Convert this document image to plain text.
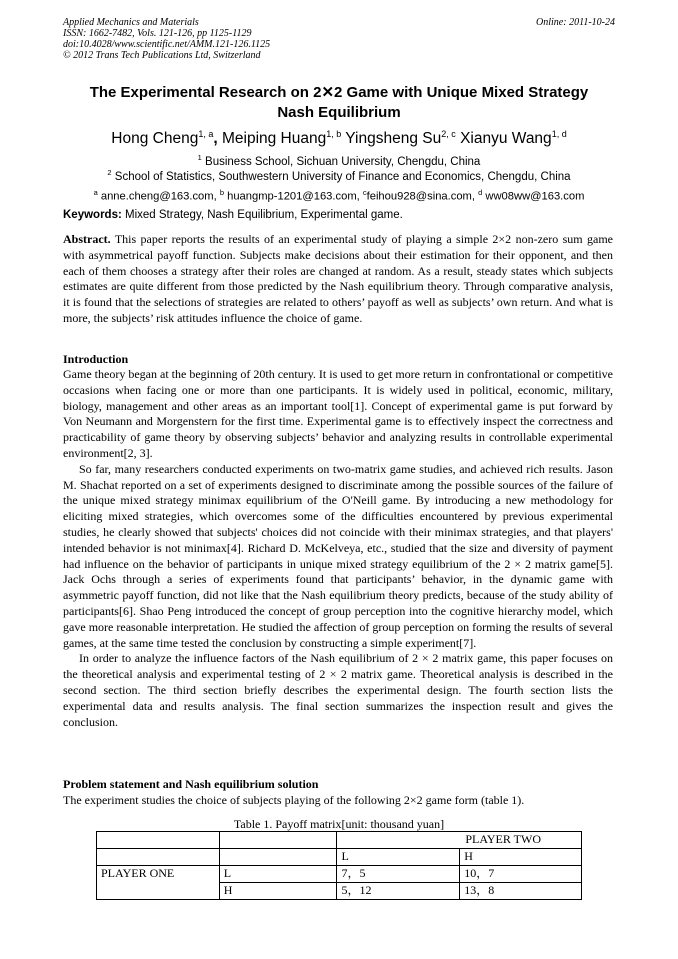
Applied Mechanics and Materials
ISSN: 1662-7482, Vols. 121-126, pp 1125-1129
doi:10.4028/www.scientific.net/AMM.121-126.1125
© 2012 Trans Tech Publications Ltd, Switzerland
Online: 2011-10-24
The Experimental Research on 2✕2 Game with Unique Mixed Strategy
Nash Equilibrium
Hong Cheng$^{1, a}$, Meiping Huang$^{1, b}$ Yingsheng Su$^{2, c}$ Xianyu Wang$^{1, d}$
$^1$ Business School, Sichuan University, Chengdu, China
$^2$ School of Statistics, Southwestern University of Finance and Economics, Chengdu, China
$^a$ anne.cheng@163.com, $^b$ huangmp-1201@163.com, $^c$feihou928@sina.com, $^d$ ww08ww@163.com
Keywords: Mixed Strategy, Nash Equilibrium, Experimental game.

Abstract. This paper reports the results of an experimental study of playing a simple 2×2 non-zero sum game with asymmetrical payoff function. Subjects make decisions about their estimation for their opponent, and then each of them chooses a strategy after their roles are changed at random. As a result, steady states which subjects estimates are quite different from those predicted by the Nash equilibrium theory. Through comparative analysis, it is found that the selections of strategies are related to others’ payoff as well as subjects’ own return. And what is more, the subjects’ risk attitudes influence the choice of game.

Introduction

Game theory began at the beginning of 20th century. It is used to get more return in confrontational or competitive occasions when facing one or more than one participants. It is widely used in political, economic, military, biology, management and other areas as an important tool[1]. Concept of experimental game is put forward by Von Neumann and Morgenstern for the first time. Experimental game is to effectively inspect the correctness and practicability of game theory by observing subjects’ behavior and analyzing results in controllable experimental environment[2, 3].

So far, many researchers conducted experiments on two-matrix game studies, and achieved rich results. Jason M. Shachat reported on a set of experiments designed to discriminate among the possible sources of the failure of the unique mixed strategy minimax equilibrium of the O'Neill game. By introducing a new methodology for eliciting mixed strategies, which overcomes some of the difficulties encountered by previous experimental studies, he clearly showed that subjects' choices did not coincide with their minimax strategies, and that players' intended behavior is not minimax[4]. Richard D. McKelveya, etc., studied that the size and diversity of payment had influence on the behavior of participants in unique mixed strategy equilibrium of the 2 × 2 matrix game[5]. Jack Ochs through a series of experiments found that participants’ behavior, in the dynamic game with asymmetric payoff function, did not like that the Nash equilibrium theory predicts, because of the study ability of participants[6]. Shao Peng introduced the concept of group perception into the cognitive hierarchy model, which gave more reasonable interpretation. He studied the affection of group perception on forming the results of several games, at the same time tested the conclusion by constructing a simple experiment[7].

In order to analyze the influence factors of the Nash equilibrium of 2 × 2 matrix game, this paper focuses on the theoretical analysis and experimental testing of 2 × 2 matrix game. Theoretical analysis is described in the second section. The third section briefly describes the experimental design. The fourth section lists the experimental data and results analysis. The final section summarizes the inspection result and gives the conclusion.

Problem statement and Nash equilibrium solution

The experiment studies the choice of subjects playing of the following 2×2 game form (table 1).

Table 1. Payoff matrix[unit: thousand yuan]
		PLAYER TWO	
		L	H
PLAYER ONE	L	7，5	10，7
	H	5，12	13，8
